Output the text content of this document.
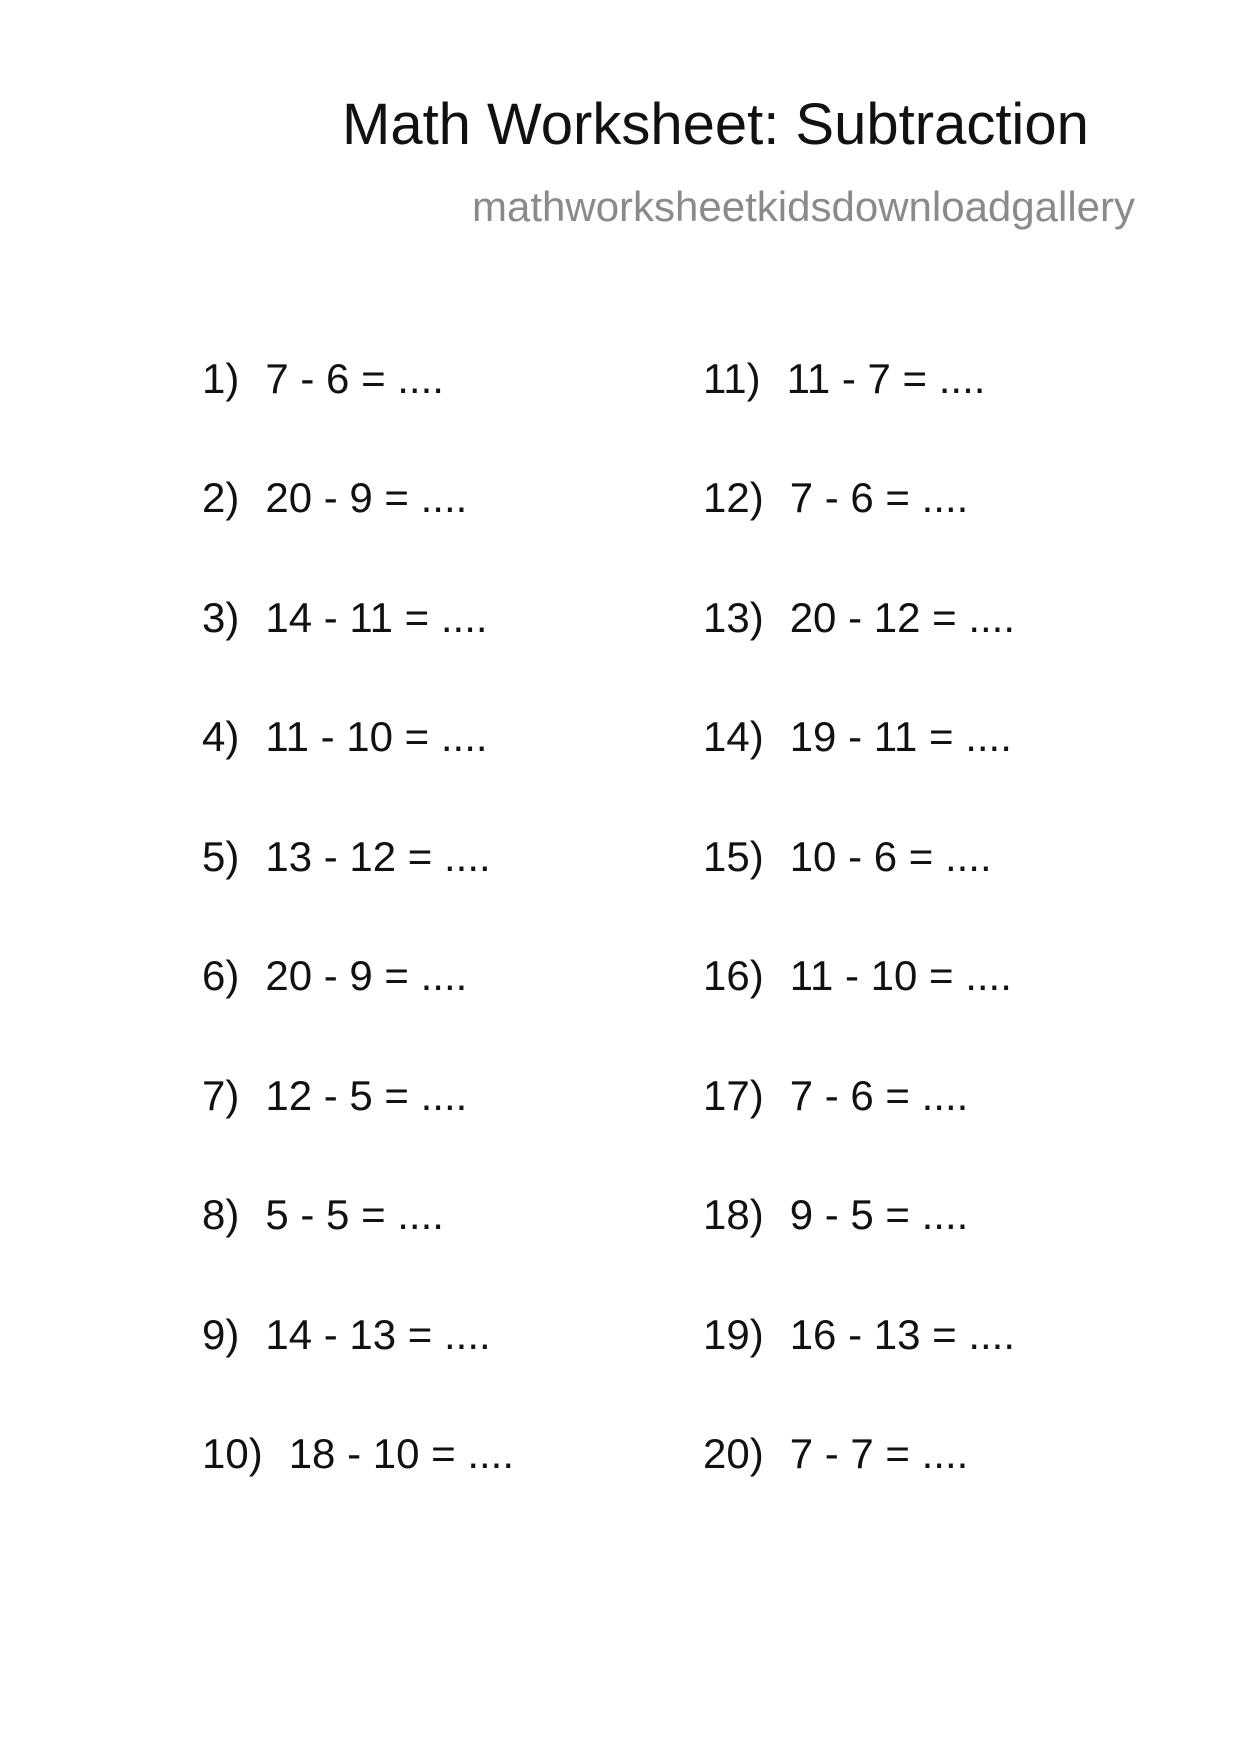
Math Worksheet: Subtraction
mathworksheetkidsdownloadgallery
1) 7 - 6 = ....
2) 20 - 9 = ....
3) 14 - 11 = ....
4) 11 - 10 = ....
5) 13 - 12 = ....
6) 20 - 9 = ....
7) 12 - 5 = ....
8) 5 - 5 = ....
9) 14 - 13 = ....
10) 18 - 10 = ....
11) 11 - 7 = ....
12) 7 - 6 = ....
13) 20 - 12 = ....
14) 19 - 11 = ....
15) 10 - 6 = ....
16) 11 - 10 = ....
17) 7 - 6 = ....
18) 9 - 5 = ....
19) 16 - 13 = ....
20) 7 - 7 = ....
